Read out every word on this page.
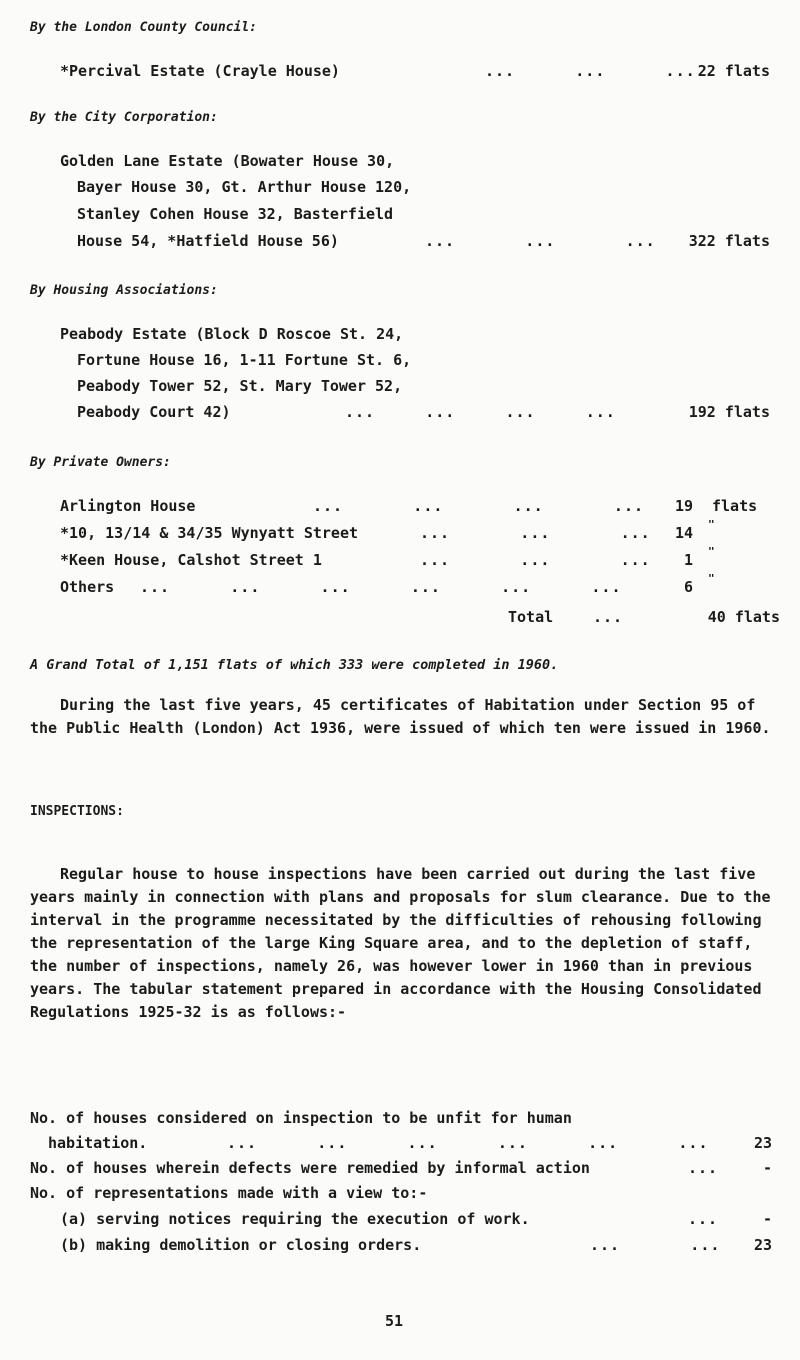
By the London County Council:
*Percival Estate (Crayle House)	...      ...      ... 22 flats
By the City Corporation:
Golden Lane Estate (Bowater House 30,
Bayer House 30, Gt. Arthur House 120,
Stanley Cohen House 32, Basterfield
House 54, *Hatfield House 56)	...       ...       ... 322 flats
By Housing Associations:
Peabody Estate (Block D Roscoe St. 24,
Fortune House 16, 1-11 Fortune St. 6,
Peabody Tower 52, St. Mary Tower 52,
Peabody Court 42)	...     ...     ...     ...	192 flats
By Private Owners:
Arlington House	...       ...       ...       ...	19 flats
*10, 13/14 & 34/35 Wynyatt Street	...       ...       ...	14 "
*Keen House, Calshot Street 1	...       ...       ...	1 "
Others ...      ...      ...      ...      ...      ...	6 "
Total	...	40 flats
A Grand Total of 1,151 flats of which 333 were completed in 1960.
During the last five years, 45 certificates of Habitation under Section 95 of the Public Health (London) Act 1936, were issued of which ten were issued in 1960.
INSPECTIONS:
Regular house to house inspections have been carried out during the last five years mainly in connection with plans and proposals for slum clearance. Due to the interval in the programme necessitated by the difficulties of rehousing following the representation of the large King Square area, and to the depletion of staff, the number of inspections, namely 26, was however lower in 1960 than in previous years. The tabular statement prepared in accordance with the Housing Consolidated Regulations 1925-32 is as follows:-
No. of houses considered on inspection to be unfit for human
habitation.	...      ...      ...      ...      ...      ...	23
No. of houses wherein defects were remedied by informal action	...	-
No. of representations made with a view to:-
(a) serving notices requiring the execution of work.	...	-
(b) making demolition or closing orders.	...       ... 23
51
